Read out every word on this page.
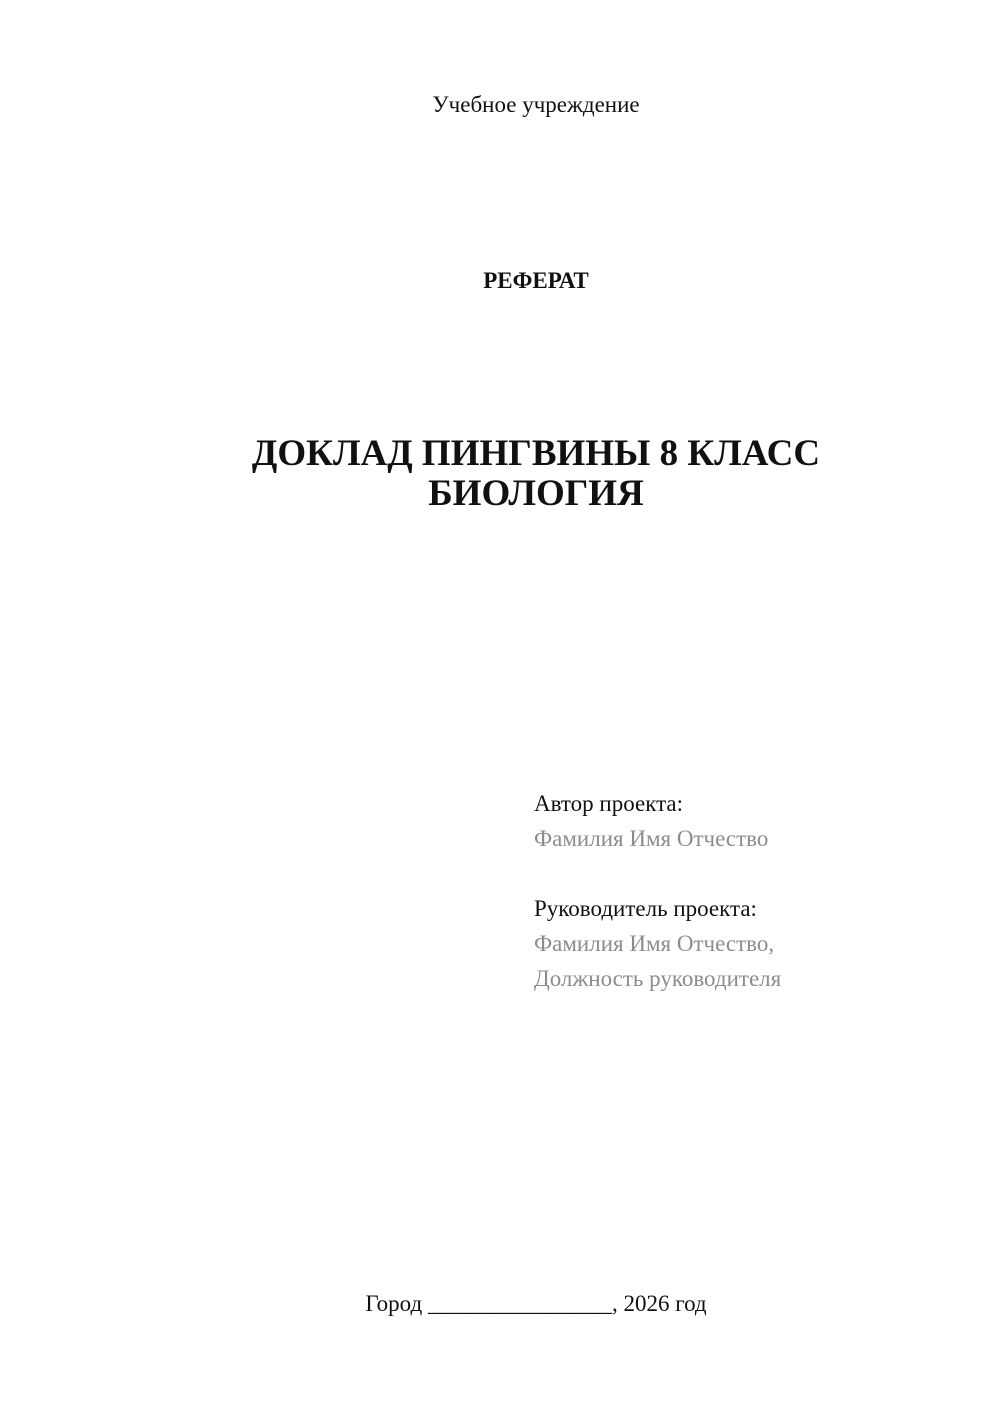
Учебное учреждение
РЕФЕРАТ
ДОКЛАД ПИНГВИНЫ 8 КЛАСС
БИОЛОГИЯ
Автор проекта:
Фамилия Имя Отчество
Руководитель проекта:
Фамилия Имя Отчество,
Должность руководителя
Город ________________, 2026 год
